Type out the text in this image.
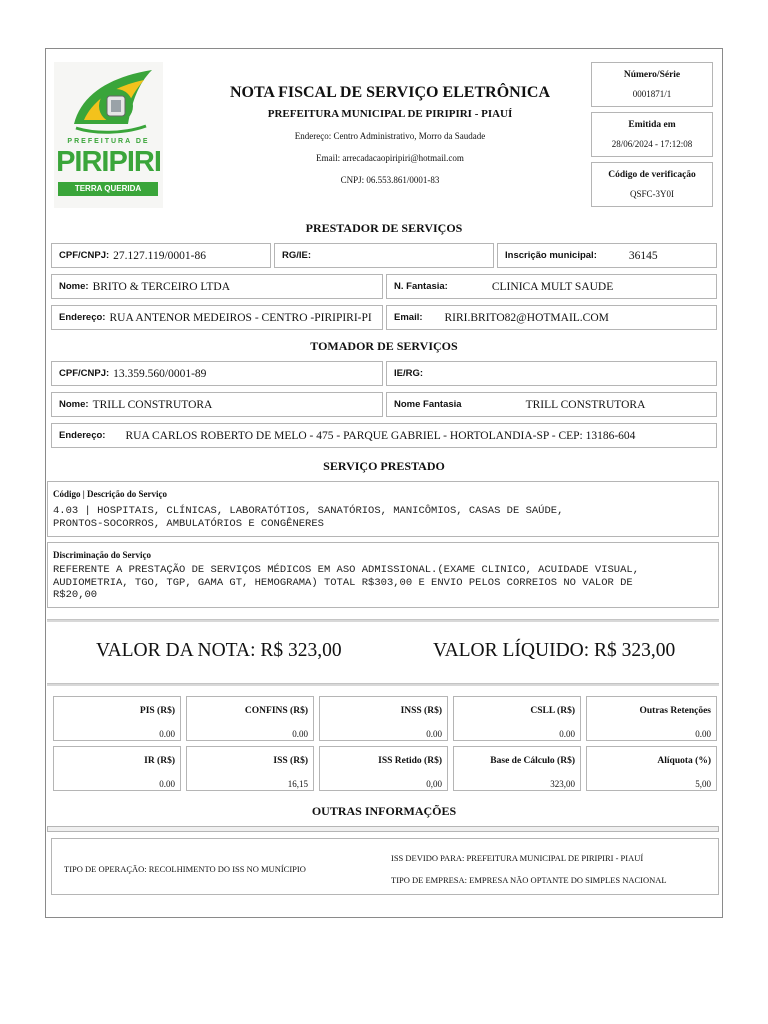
PREFEITURA DE
PIRIPIRI
TERRA QUERIDA
NOTA FISCAL DE SERVIÇO ELETRÔNICA
PREFEITURA MUNICIPAL DE PIRIPIRI - PIAUÍ
Endereço: Centro Administrativo, Morro da Saudade
Email: arrecadacaopiripiri@hotmail.com
CNPJ: 06.553.861/0001-83
Número/Série
0001871/1
Emitida em
28/06/2024 - 17:12:08
Código de verificação
QSFC-3Y0I
PRESTADOR DE SERVIÇOS
CPF/CNPJ: 27.127.119/0001-86	RG/IE:	Inscrição municipal:	36145
Nome: BRITO & TERCEIRO LTDA	N. Fantasia:	CLINICA MULT SAUDE
Endereço: RUA ANTENOR MEDEIROS - CENTRO -PIRIPIRI-PI Email: RIRI.BRITO82@HOTMAIL.COM
TOMADOR DE SERVIÇOS
CPF/CNPJ: 13.359.560/0001-89	IE/RG:
Nome: TRILL CONSTRUTORA	Nome Fantasia	TRILL CONSTRUTORA
Endereço: RUA CARLOS ROBERTO DE MELO - 475 - PARQUE GABRIEL - HORTOLANDIA-SP - CEP: 13186-604
SERVIÇO PRESTADO
Código | Descrição do Serviço
4.03 | HOSPITAIS, CLÍNICAS, LABORATÓTIOS, SANATÓRIOS, MANICÔMIOS, CASAS DE SAÚDE,
PRONTOS-SOCORROS, AMBULATÓRIOS E CONGÊNERES
Discriminação do Serviço
REFERENTE A PRESTAÇÃO DE SERVIÇOS MÉDICOS EM ASO ADMISSIONAL.(EXAME CLINICO, ACUIDADE VISUAL,
AUDIOMETRIA, TGO, TGP, GAMA GT, HEMOGRAMA) TOTAL R$303,00 E ENVIO PELOS CORREIOS NO VALOR DE
R$20,00
VALOR DA NOTA: R$ 323,00	VALOR LÍQUIDO: R$ 323,00
PIS (R$)
0.00
CONFINS (R$)
0.00
INSS (R$)
0.00
CSLL (R$)
0.00
Outras Retenções
0.00
IR (R$)
0.00
ISS (R$)
16,15
ISS Retido (R$)
0,00
Base de Cálculo (R$)
323,00
Alíquota (%)
5,00
OUTRAS INFORMAÇÕES
TIPO DE OPERAÇÃO: RECOLHIMENTO DO ISS NO MUNÍCIPIO
ISS DEVIDO PARA: PREFEITURA MUNICIPAL DE PIRIPIRI - PIAUÍ
TIPO DE EMPRESA: EMPRESA NÃO OPTANTE DO SIMPLES NACIONAL
